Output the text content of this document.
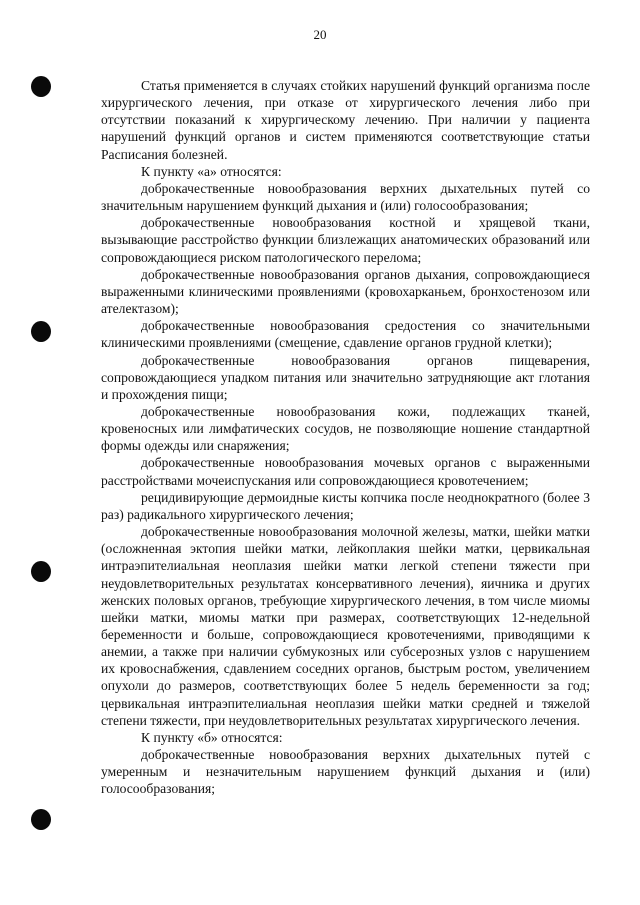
20

Статья применяется в случаях стойких нарушений функций организма после хирургического лечения, при отказе от хирургического лечения либо при отсутствии показаний к хирургическому лечению. При наличии у пациента нарушений функций органов и систем применяются соответствующие статьи Расписания болезней.

К пункту «а» относятся:

доброкачественные новообразования верхних дыхательных путей со значительным нарушением функций дыхания и (или) голосообразования;

доброкачественные новообразования костной и хрящевой ткани, вызывающие расстройство функции близлежащих анатомических образований или сопровождающиеся риском патологического перелома;

доброкачественные новообразования органов дыхания, сопровождающиеся выраженными клиническими проявлениями (кровохарканьем, бронхостенозом или ателектазом);

доброкачественные новообразования средостения со значительными клиническими проявлениями (смещение, сдавление органов грудной клетки);

доброкачественные новообразования органов пищеварения, сопровождающиеся упадком питания или значительно затрудняющие акт глотания и прохождения пищи;

доброкачественные новообразования кожи, подлежащих тканей, кровеносных или лимфатических сосудов, не позволяющие ношение стандартной формы одежды или снаряжения;

доброкачественные новообразования мочевых органов с выраженными расстройствами мочеиспускания или сопровождающиеся кровотечением;

рецидивирующие дермоидные кисты копчика после неоднократного (более 3 раз) радикального хирургического лечения;

доброкачественные новообразования молочной железы, матки, шейки матки (осложненная эктопия шейки матки, лейкоплакия шейки матки, цервикальная интраэпителиальная неоплазия шейки матки легкой степени тяжести при неудовлетворительных результатах консервативного лечения), яичника и других женских половых органов, требующие хирургического лечения, в том числе миомы шейки матки, миомы матки при размерах, соответствующих 12-недельной беременности и больше, сопровождающиеся кровотечениями, приводящими к анемии, а также при наличии субмукозных или субсерозных узлов с нарушением их кровоснабжения, сдавлением соседних органов, быстрым ростом, увеличением опухоли до размеров, соответствующих более 5 недель беременности за год; цервикальная интраэпителиальная неоплазия шейки матки средней и тяжелой степени тяжести, при неудовлетворительных результатах хирургического лечения.

К пункту «б» относятся:

доброкачественные новообразования верхних дыхательных путей с умеренным и незначительным нарушением функций дыхания и (или) голосообразования;
